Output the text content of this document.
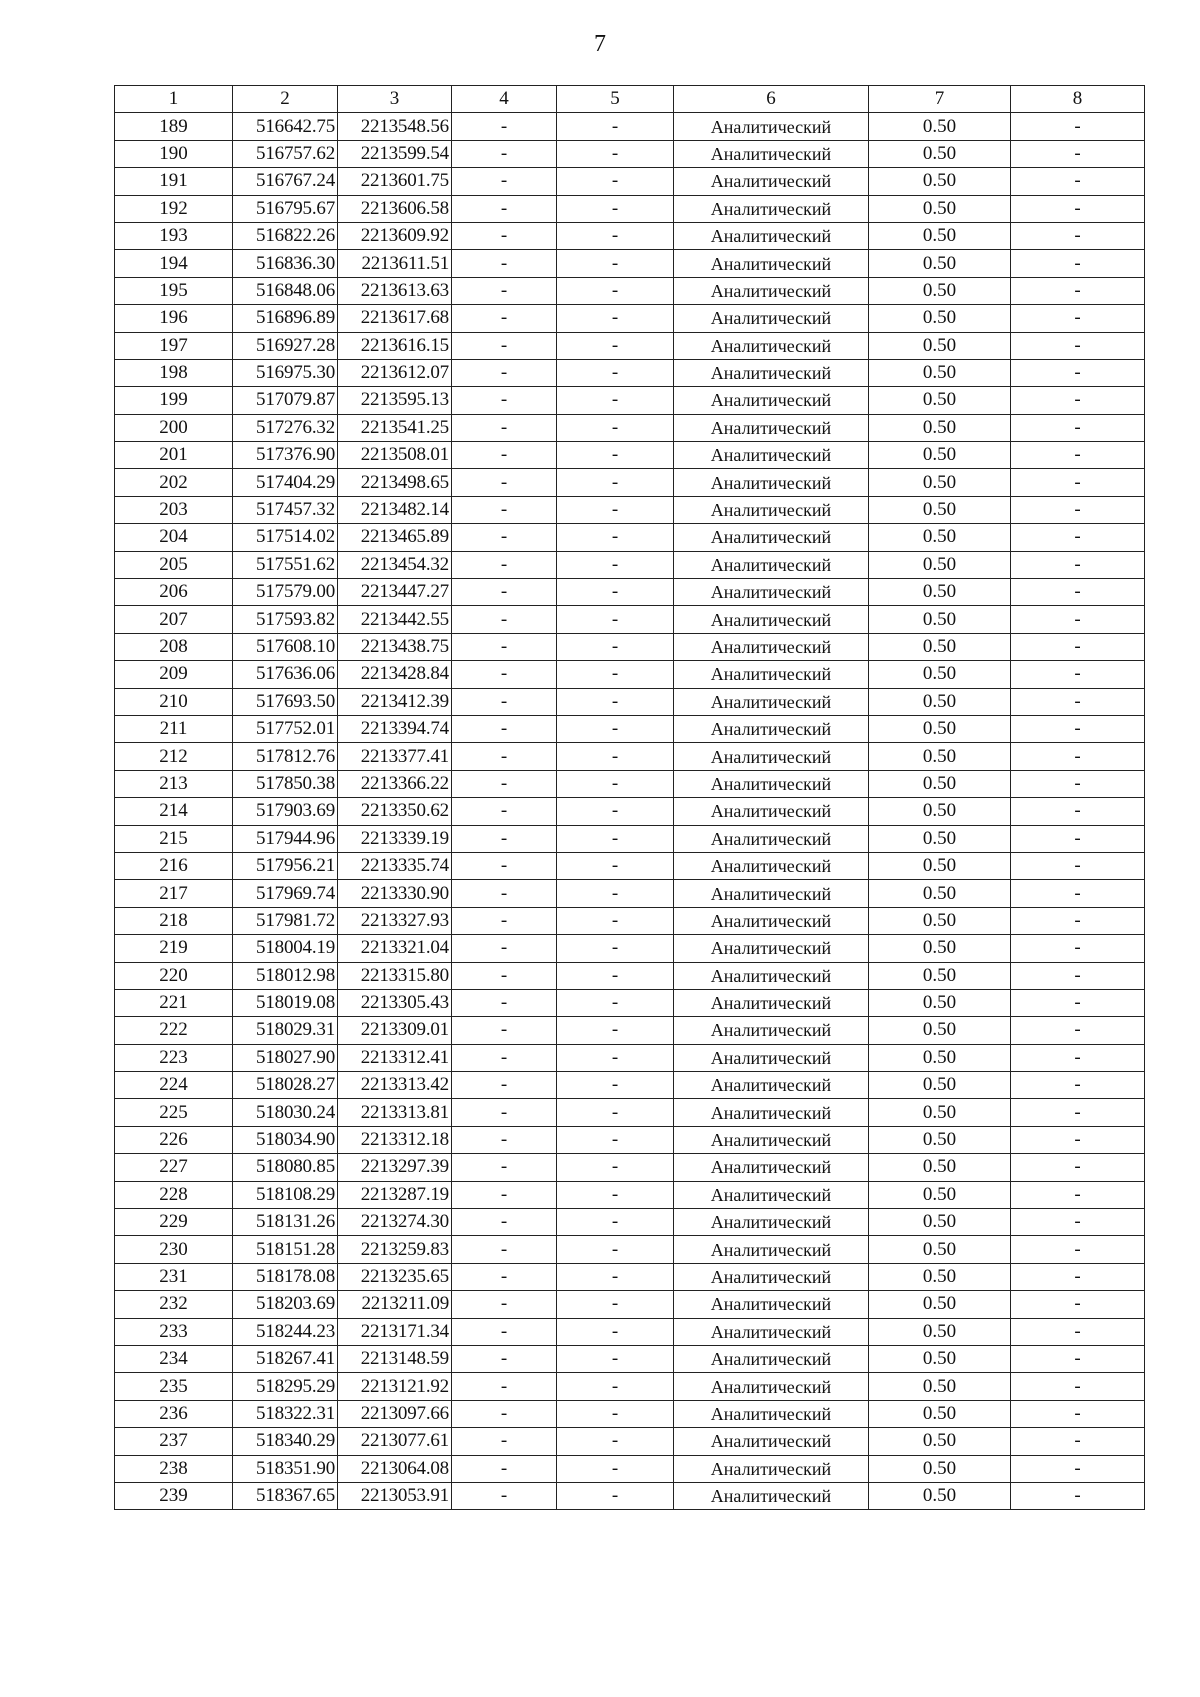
7
1	2	3	4	5	6	7	8
189	516642.75	2213548.56	-	-	Аналитический	0.50	-
190	516757.62	2213599.54	-	-	Аналитический	0.50	-
191	516767.24	2213601.75	-	-	Аналитический	0.50	-
192	516795.67	2213606.58	-	-	Аналитический	0.50	-
193	516822.26	2213609.92	-	-	Аналитический	0.50	-
194	516836.30	2213611.51	-	-	Аналитический	0.50	-
195	516848.06	2213613.63	-	-	Аналитический	0.50	-
196	516896.89	2213617.68	-	-	Аналитический	0.50	-
197	516927.28	2213616.15	-	-	Аналитический	0.50	-
198	516975.30	2213612.07	-	-	Аналитический	0.50	-
199	517079.87	2213595.13	-	-	Аналитический	0.50	-
200	517276.32	2213541.25	-	-	Аналитический	0.50	-
201	517376.90	2213508.01	-	-	Аналитический	0.50	-
202	517404.29	2213498.65	-	-	Аналитический	0.50	-
203	517457.32	2213482.14	-	-	Аналитический	0.50	-
204	517514.02	2213465.89	-	-	Аналитический	0.50	-
205	517551.62	2213454.32	-	-	Аналитический	0.50	-
206	517579.00	2213447.27	-	-	Аналитический	0.50	-
207	517593.82	2213442.55	-	-	Аналитический	0.50	-
208	517608.10	2213438.75	-	-	Аналитический	0.50	-
209	517636.06	2213428.84	-	-	Аналитический	0.50	-
210	517693.50	2213412.39	-	-	Аналитический	0.50	-
211	517752.01	2213394.74	-	-	Аналитический	0.50	-
212	517812.76	2213377.41	-	-	Аналитический	0.50	-
213	517850.38	2213366.22	-	-	Аналитический	0.50	-
214	517903.69	2213350.62	-	-	Аналитический	0.50	-
215	517944.96	2213339.19	-	-	Аналитический	0.50	-
216	517956.21	2213335.74	-	-	Аналитический	0.50	-
217	517969.74	2213330.90	-	-	Аналитический	0.50	-
218	517981.72	2213327.93	-	-	Аналитический	0.50	-
219	518004.19	2213321.04	-	-	Аналитический	0.50	-
220	518012.98	2213315.80	-	-	Аналитический	0.50	-
221	518019.08	2213305.43	-	-	Аналитический	0.50	-
222	518029.31	2213309.01	-	-	Аналитический	0.50	-
223	518027.90	2213312.41	-	-	Аналитический	0.50	-
224	518028.27	2213313.42	-	-	Аналитический	0.50	-
225	518030.24	2213313.81	-	-	Аналитический	0.50	-
226	518034.90	2213312.18	-	-	Аналитический	0.50	-
227	518080.85	2213297.39	-	-	Аналитический	0.50	-
228	518108.29	2213287.19	-	-	Аналитический	0.50	-
229	518131.26	2213274.30	-	-	Аналитический	0.50	-
230	518151.28	2213259.83	-	-	Аналитический	0.50	-
231	518178.08	2213235.65	-	-	Аналитический	0.50	-
232	518203.69	2213211.09	-	-	Аналитический	0.50	-
233	518244.23	2213171.34	-	-	Аналитический	0.50	-
234	518267.41	2213148.59	-	-	Аналитический	0.50	-
235	518295.29	2213121.92	-	-	Аналитический	0.50	-
236	518322.31	2213097.66	-	-	Аналитический	0.50	-
237	518340.29	2213077.61	-	-	Аналитический	0.50	-
238	518351.90	2213064.08	-	-	Аналитический	0.50	-
239	518367.65	2213053.91	-	-	Аналитический	0.50	-
